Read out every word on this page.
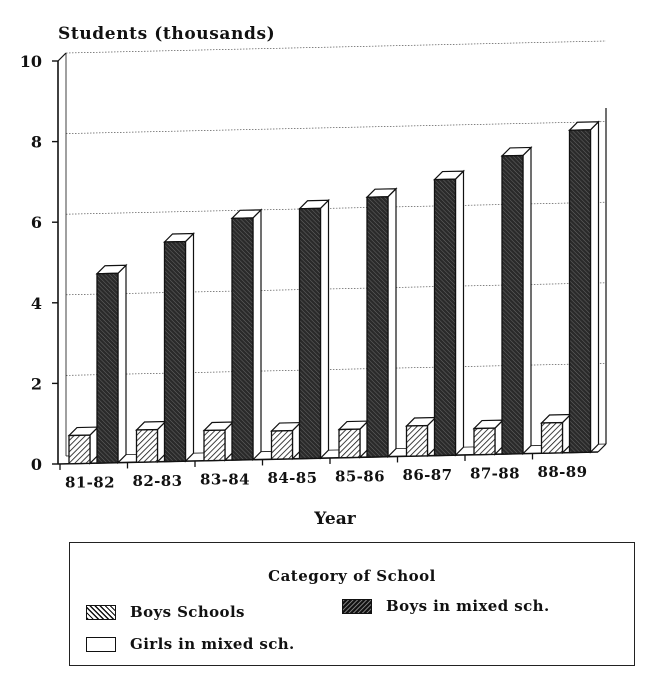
0
2
4
6
8
10
81-82 82-83 83-84 84-85 85-86 86-87 87-88 88-89
Students (thousands)
Year
Category of School
Boys Schools	Boys in mixed sch.
Girls in mixed sch.
